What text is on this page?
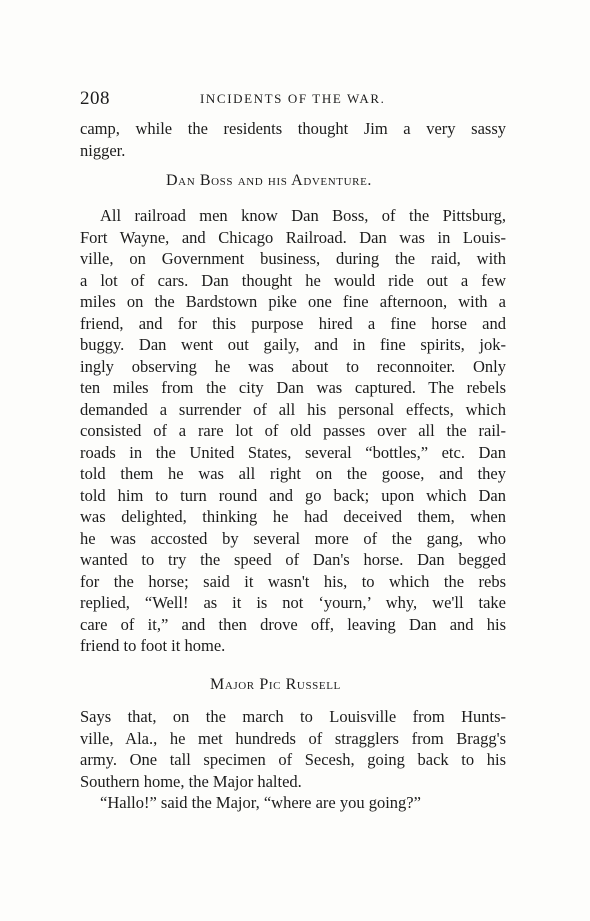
208	INCIDENTS OF THE WAR.
camp, while the residents thought Jim a very sassy
nigger.
Dan Boss and his Adventure.
All railroad men know Dan Boss, of the Pittsburg,
Fort Wayne, and Chicago Railroad. Dan was in Louis-
ville, on Government business, during the raid, with
a lot of cars. Dan thought he would ride out a few
miles on the Bardstown pike one fine afternoon, with a
friend, and for this purpose hired a fine horse and
buggy. Dan went out gaily, and in fine spirits, jok-
ingly observing he was about to reconnoiter. Only
ten miles from the city Dan was captured. The rebels
demanded a surrender of all his personal effects, which
consisted of a rare lot of old passes over all the rail-
roads in the United States, several “bottles,” etc. Dan
told them he was all right on the goose, and they
told him to turn round and go back; upon which Dan
was delighted, thinking he had deceived them, when
he was accosted by several more of the gang, who
wanted to try the speed of Dan's horse. Dan begged
for the horse; said it wasn't his, to which the rebs
replied, “Well! as it is not ‘yourn,’ why, we'll take
care of it,” and then drove off, leaving Dan and his
friend to foot it home.
Major Pic Russell
Says that, on the march to Louisville from Hunts-
ville, Ala., he met hundreds of stragglers from Bragg's
army. One tall specimen of Secesh, going back to his
Southern home, the Major halted.
“Hallo!” said the Major, “where are you going?”
